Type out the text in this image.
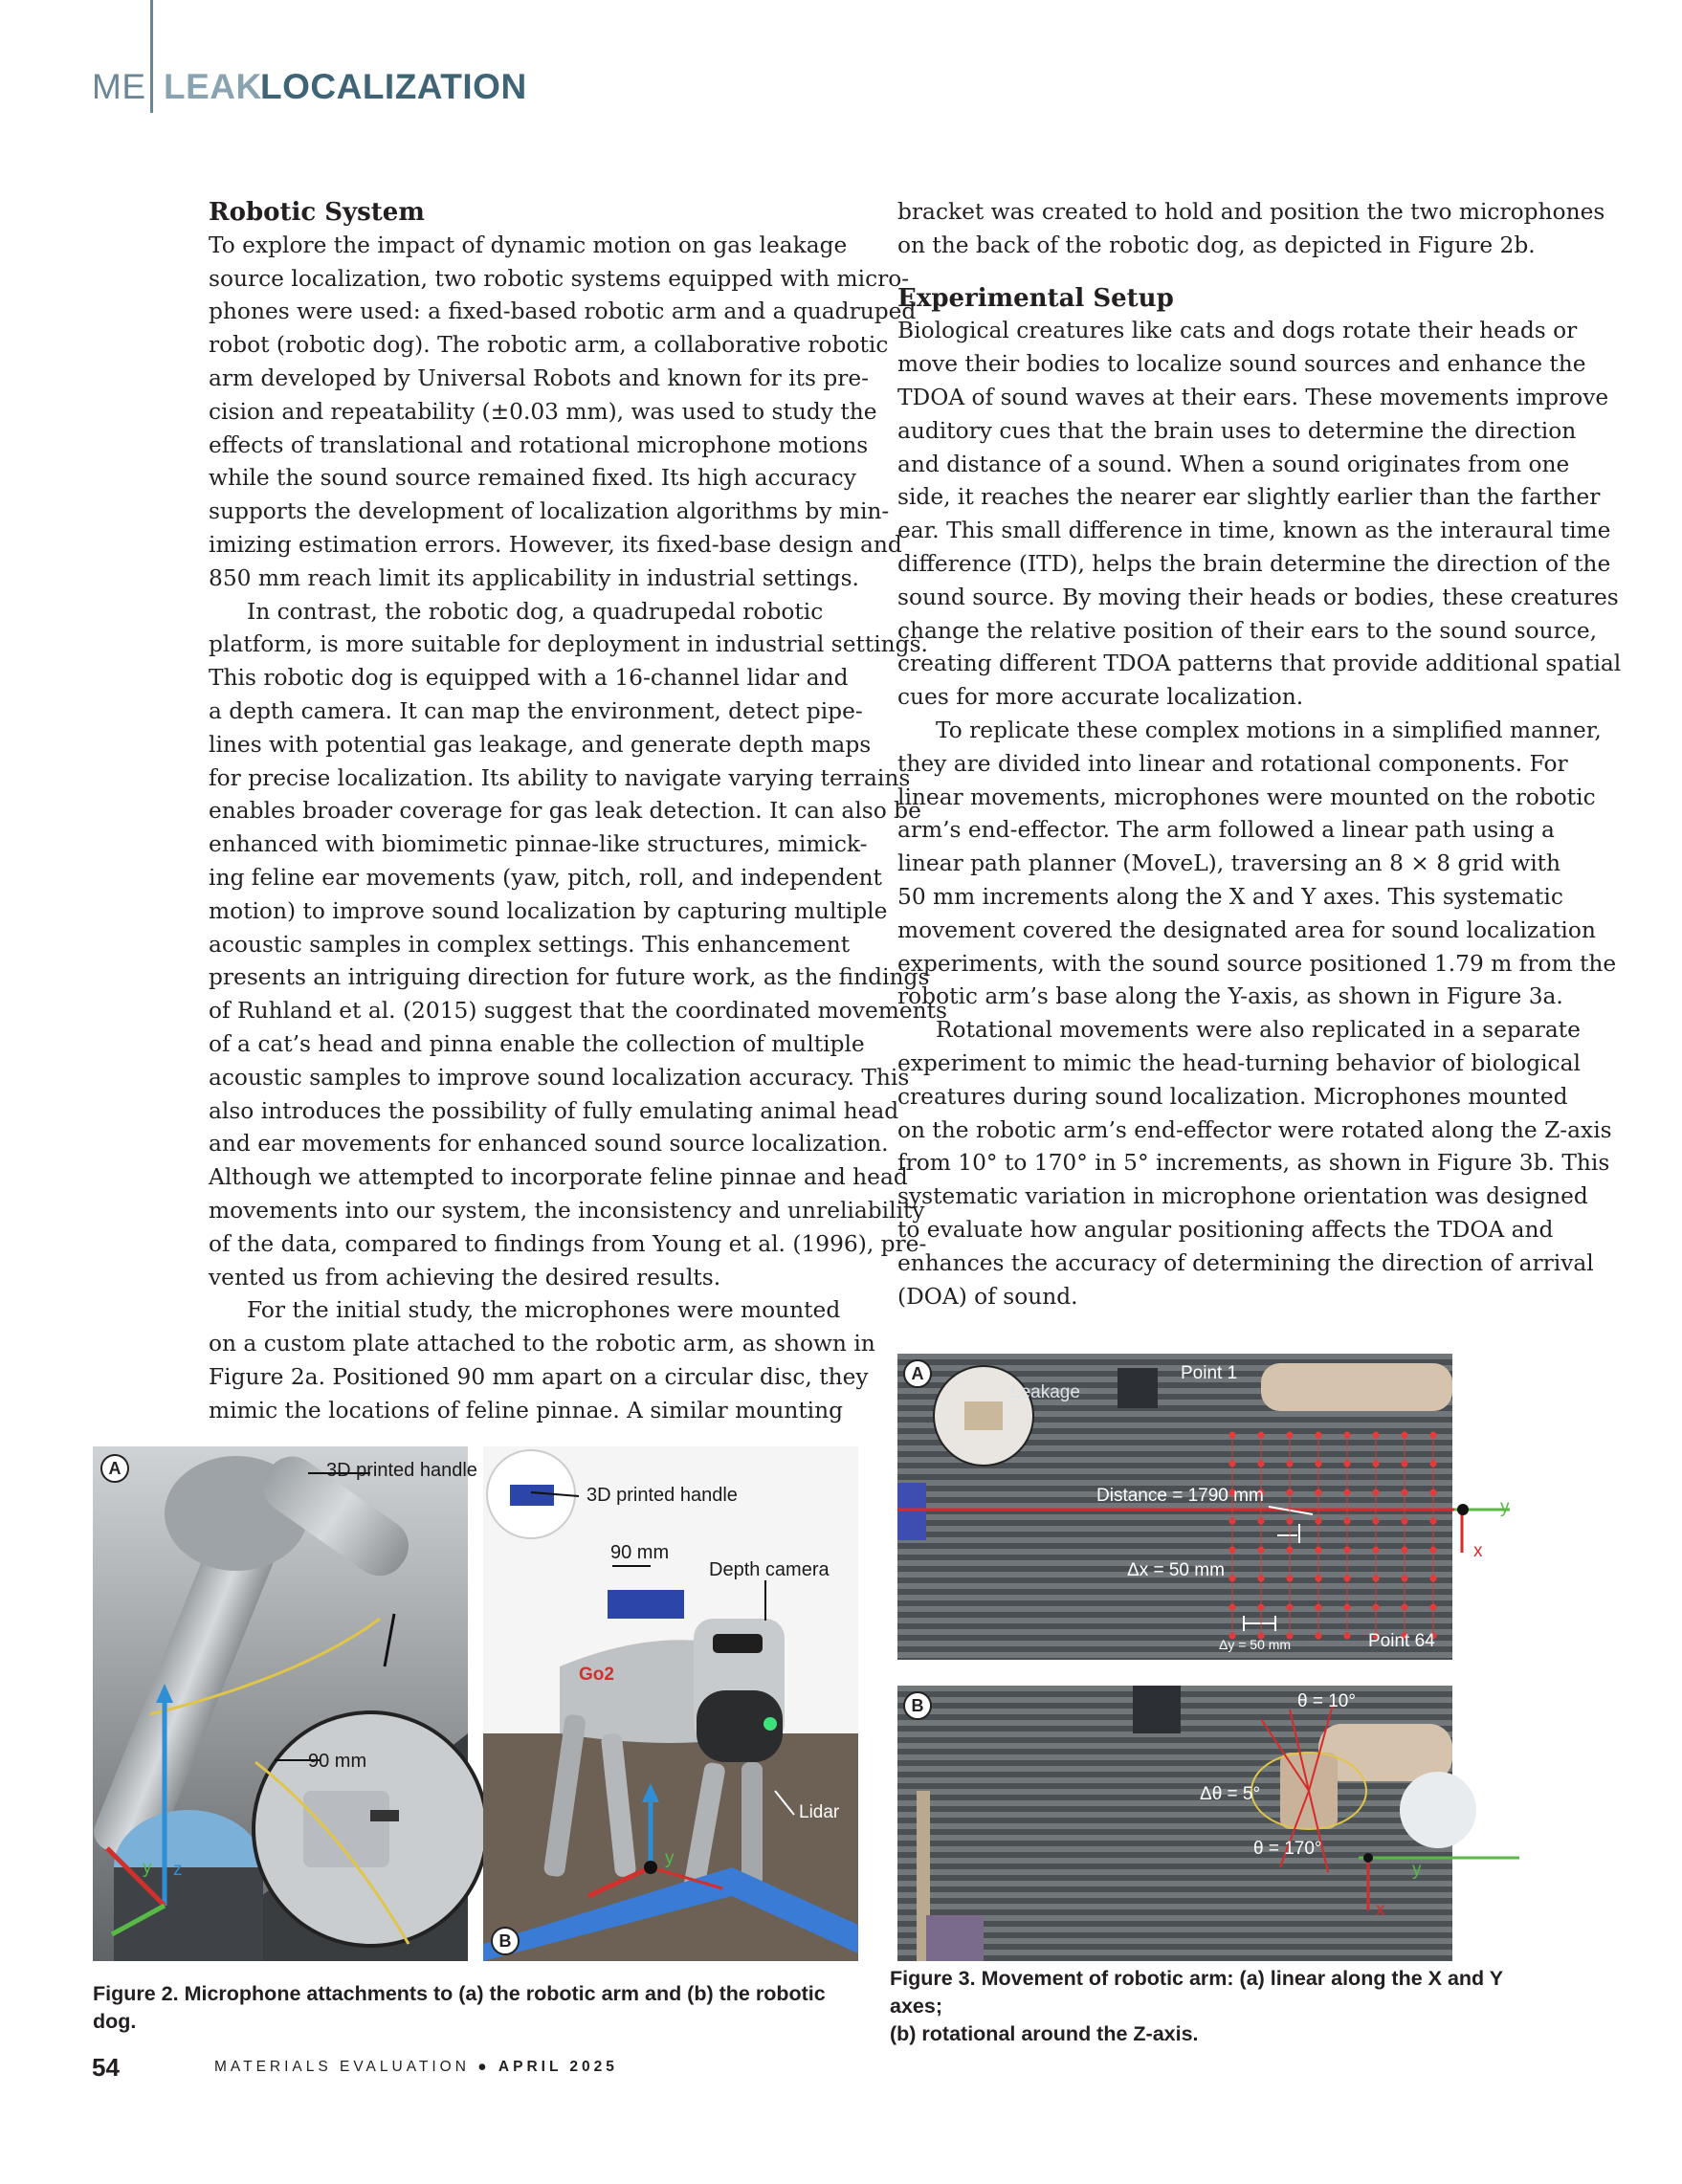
ME LEAK
LOCALIZATION
Robotic System
To explore the impact of dynamic motion on gas leakage
source localization, two robotic systems equipped with micro-
phones were used: a fixed-based robotic arm and a quadruped
robot (robotic dog). The robotic arm, a collaborative robotic
arm developed by Universal Robots and known for its pre-
cision and repeatability (±0.03 mm), was used to study the
effects of translational and rotational microphone motions
while the sound source remained fixed. Its high accuracy
supports the development of localization algorithms by min-
imizing estimation errors. However, its fixed-base design and
850 mm reach limit its applicability in industrial settings.
In contrast, the robotic dog, a quadrupedal robotic
platform, is more suitable for deployment in industrial settings.
This robotic dog is equipped with a 16-channel lidar and
a depth camera. It can map the environment, detect pipe-
lines with potential gas leakage, and generate depth maps
for precise localization. Its ability to navigate varying terrains
enables broader coverage for gas leak detection. It can also be
enhanced with biomimetic pinnae-like structures, mimick-
ing feline ear movements (yaw, pitch, roll, and independent
motion) to improve sound localization by capturing multiple
acoustic samples in complex settings. This enhancement
presents an intriguing direction for future work, as the findings
of Ruhland et al. (2015) suggest that the coordinated movements
of a cat’s head and pinna enable the collection of multiple
acoustic samples to improve sound localization accuracy. This
also introduces the possibility of fully emulating animal head
and ear movements for enhanced sound source localization.
Although we attempted to incorporate feline pinnae and head
movements into our system, the inconsistency and unreliability
of the data, compared to findings from Young et al. (1996), pre-
vented us from achieving the desired results.
For the initial study, the microphones were mounted
on a custom plate attached to the robotic arm, as shown in
Figure 2a. Positioned 90 mm apart on a circular disc, they
mimic the locations of feline pinnae. A similar mounting
bracket was created to hold and position the two microphones
on the back of the robotic dog, as depicted in Figure 2b.
Experimental Setup
Biological creatures like cats and dogs rotate their heads or
move their bodies to localize sound sources and enhance the
TDOA of sound waves at their ears. These movements improve
auditory cues that the brain uses to determine the direction
and distance of a sound. When a sound originates from one
side, it reaches the nearer ear slightly earlier than the farther
ear. This small difference in time, known as the interaural time
difference (ITD), helps the brain determine the direction of the
sound source. By moving their heads or bodies, these creatures
change the relative position of their ears to the sound source,
creating different TDOA patterns that provide additional spatial
cues for more accurate localization.
To replicate these complex motions in a simplified manner,
they are divided into linear and rotational components. For
linear movements, microphones were mounted on the robotic
arm’s end-effector. The arm followed a linear path using a
linear path planner (MoveL), traversing an 8 × 8 grid with
50 mm increments along the X and Y axes. This systematic
movement covered the designated area for sound localization
experiments, with the sound source positioned 1.79 m from the
robotic arm’s base along the Y-axis, as shown in Figure 3a.
Rotational movements were also replicated in a separate
experiment to mimic the head-turning behavior of biological
creatures during sound localization. Microphones mounted
on the robotic arm’s end-effector were rotated along the Z-axis
from 10° to 170° in 5° increments, as shown in Figure 3b. This
systematic variation in microphone orientation was designed
to evaluate how angular positioning affects the TDOA and
enhances the accuracy of determining the direction of arrival
(DOA) of sound.
A	3D printed handle
90 mm
y z
3D printed handle
90 mm
Depth camera
Go2
Lidar
y
B
Figure 2. Microphone attachments to (a) the robotic arm and (b) the robotic dog.
A
Leakage
Point 1
Distance = 1790 mm
Δx = 50 mm
Δy = 50 mm	Point 64
y
x
B	θ = 10°
Δθ = 5°
θ = 170°
y
x
Figure 3. Movement of robotic arm: (a) linear along the X and Y axes;
(b) rotational around the Z-axis.
54	MATERIALS EVALUATION ● APRIL 2025
